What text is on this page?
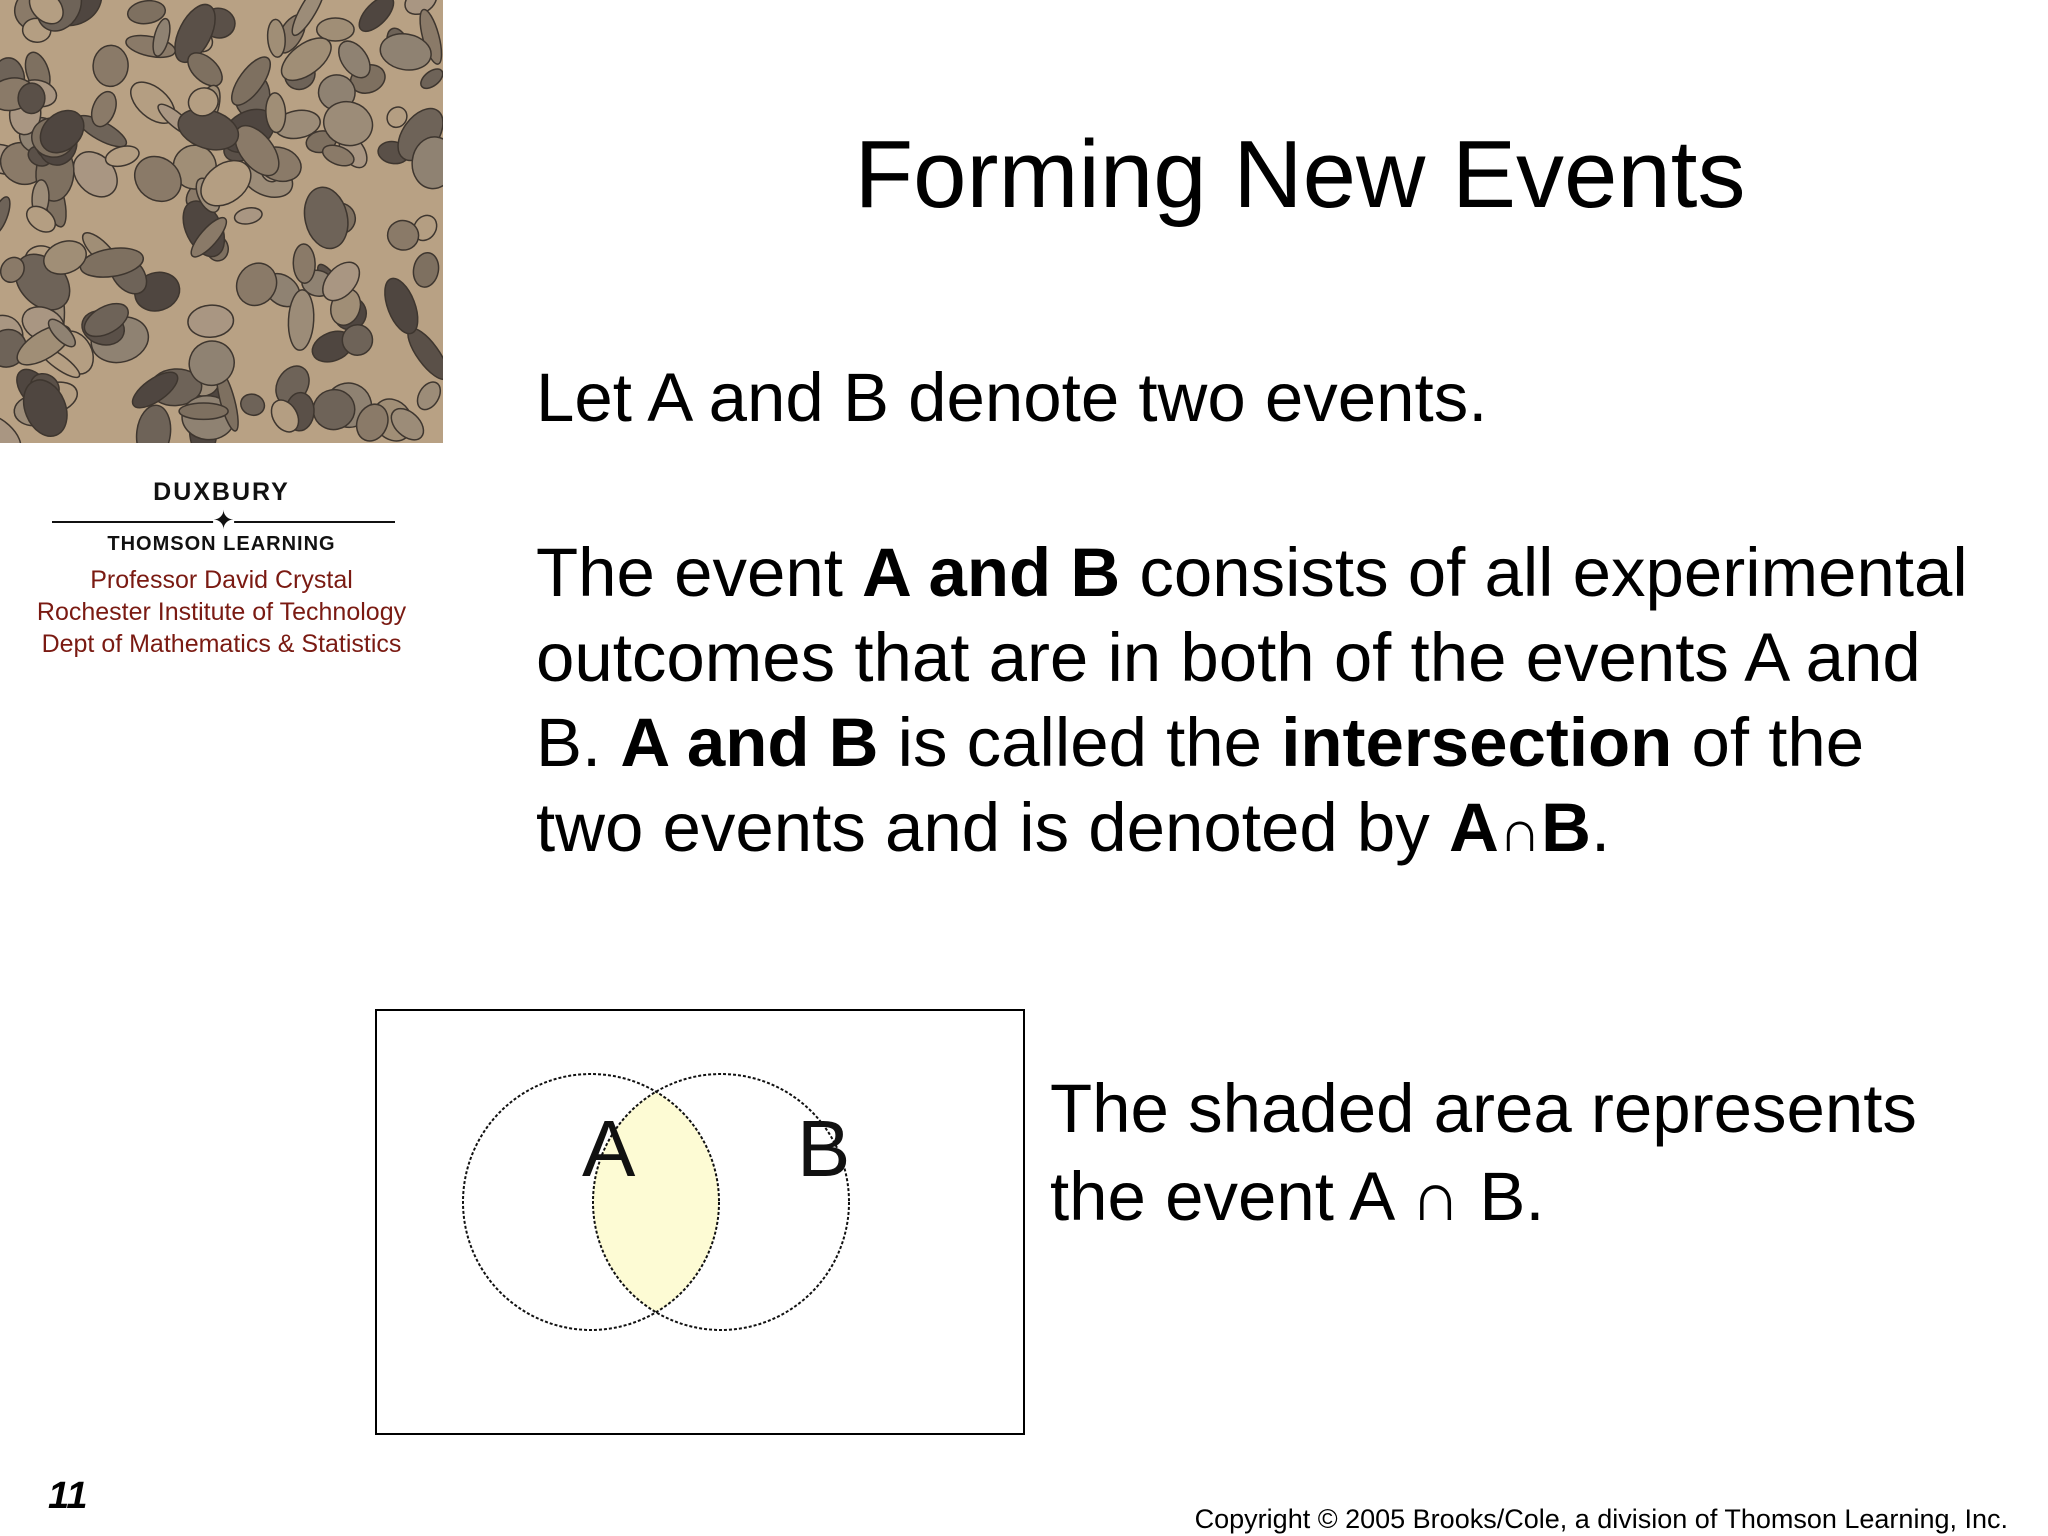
DUXBURY
✦
THOMSON LEARNING
Professor David Crystal
Rochester Institute of Technology
Dept of Mathematics & Statistics
Forming New Events

Let A and B denote two events.

The event A and B consists of all experimental outcomes that are in both of the events A and B. A and B is called the intersection of the two events and is denoted by A∩B.

A B	The shaded area represents
the event A ∩ B.

11
Copyright © 2005 Brooks/Cole, a division of Thomson Learning, Inc.
